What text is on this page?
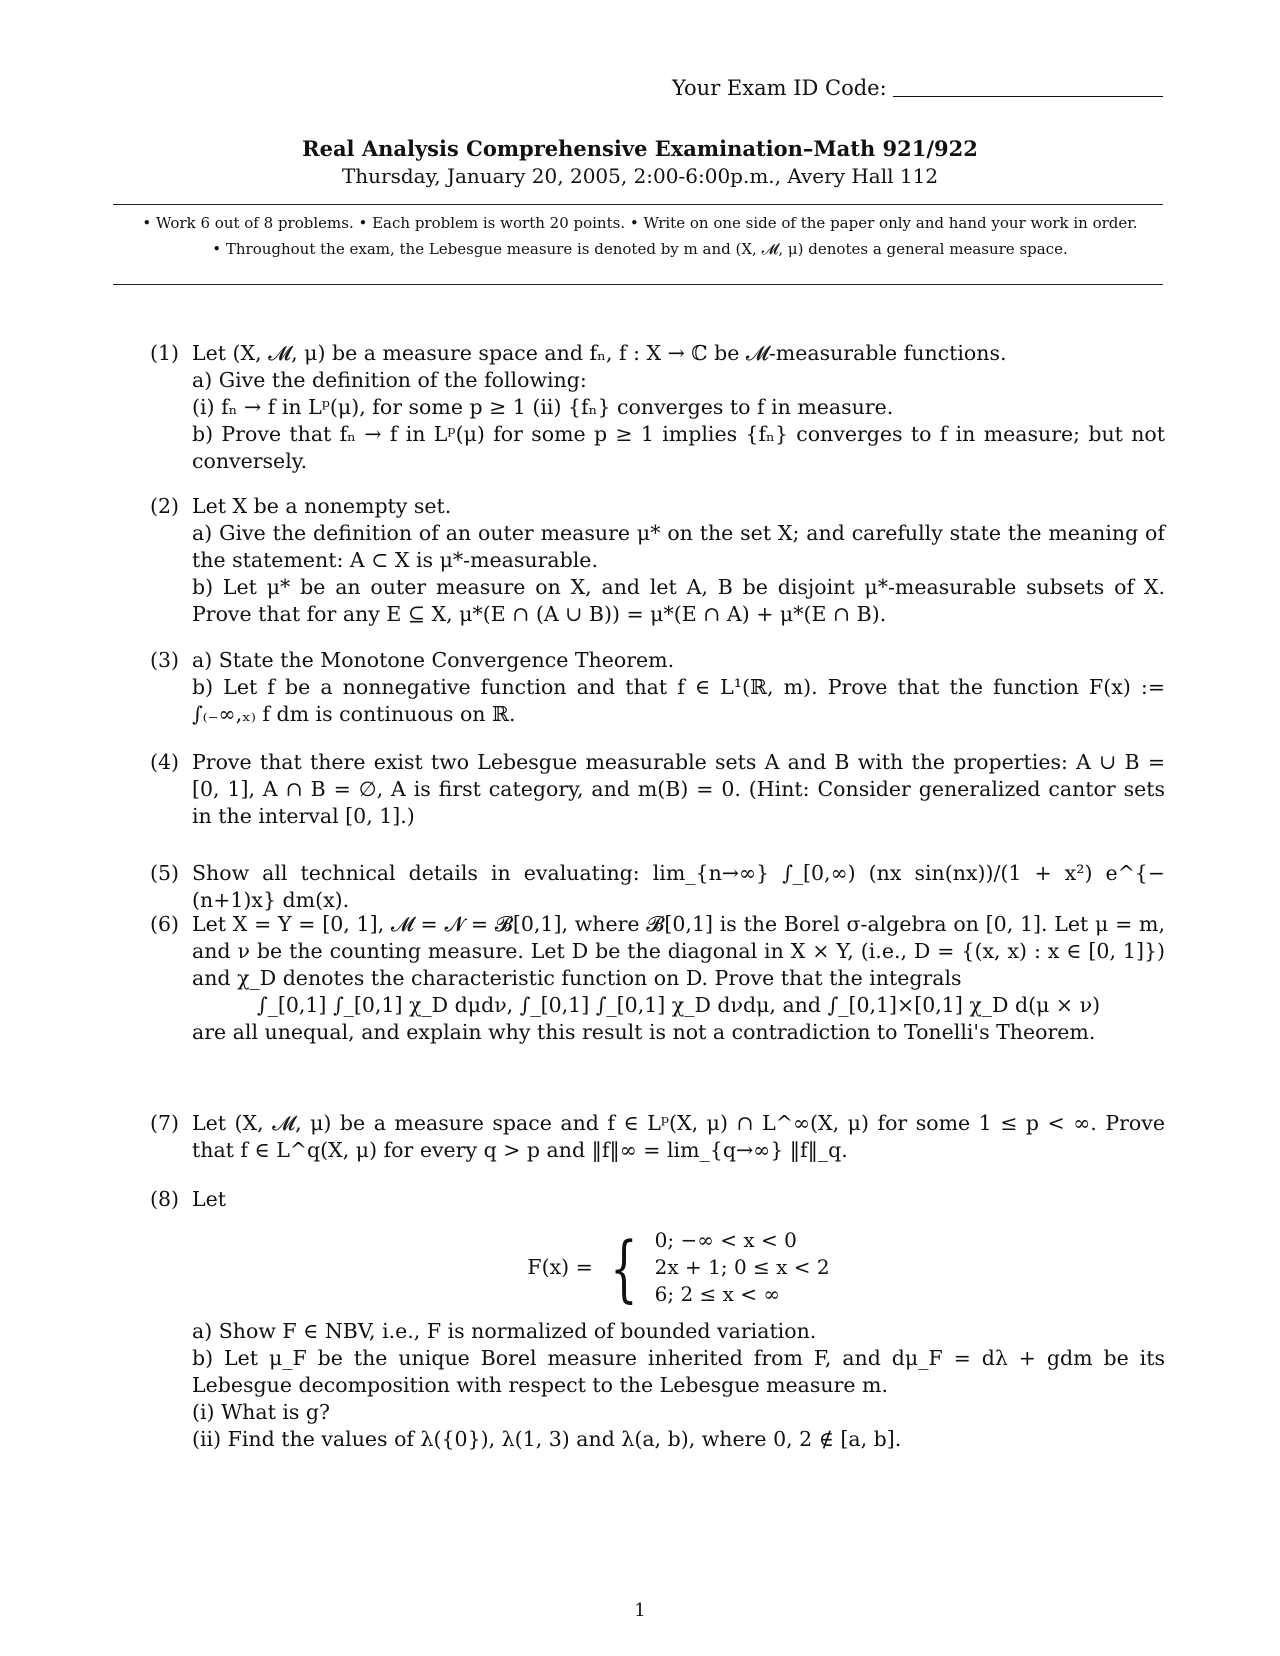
Your Exam ID Code:
Real Analysis Comprehensive Examination–Math 921/922
Thursday, January 20, 2005, 2:00-6:00p.m., Avery Hall 112
• Work 6 out of 8 problems. • Each problem is worth 20 points. • Write on one side of the paper only and hand your work in order.
• Throughout the exam, the Lebesgue measure is denoted by m and (X, 𝓜, μ) denotes a general measure space.
(1) Let (X, 𝓜, μ) be a measure space and fₙ, f : X → ℂ be 𝓜-measurable functions.

a) Give the definition of the following:

(i) fₙ → f in Lᵖ(μ), for some p ≥ 1 (ii) {fₙ} converges to f in measure.

b) Prove that fₙ → f in Lᵖ(μ) for some p ≥ 1 implies {fₙ} converges to f in measure; but not conversely.

(2) Let X be a nonempty set.

a) Give the definition of an outer measure μ* on the set X; and carefully state the meaning of the statement: A ⊂ X is μ*-measurable.

b) Let μ* be an outer measure on X, and let A, B be disjoint μ*-measurable subsets of X. Prove that for any E ⊆ X, μ*(E ∩ (A ∪ B)) = μ*(E ∩ A) + μ*(E ∩ B).

(3) a) State the Monotone Convergence Theorem.

b) Let f be a nonnegative function and that f ∈ L¹(ℝ, m). Prove that the function F(x) := ∫₍₋∞,ₓ₎ f dm is continuous on ℝ.

(4) Prove that there exist two Lebesgue measurable sets A and B with the properties: A ∪ B = [0, 1], A ∩ B = ∅, A is first category, and m(B) = 0. (Hint: Consider generalized cantor sets in the interval [0, 1].)

(5) Show all technical details in evaluating: lim_{n→∞} ∫_[0,∞) (nx sin(nx))/(1 + x²) e^{−(n+1)x} dm(x).

(6) Let X = Y = [0, 1], 𝓜 = 𝓝 = 𝓑[0,1], where 𝓑[0,1] is the Borel σ-algebra on [0, 1]. Let μ = m, and ν be the counting measure. Let D be the diagonal in X × Y, (i.e., D = {(x, x) : x ∈ [0, 1]}) and χ_D denotes the characteristic function on D. Prove that the integrals

∫_[0,1] ∫_[0,1] χ_D dμdν, ∫_[0,1] ∫_[0,1] χ_D dνdμ, and ∫_[0,1]×[0,1] χ_D d(μ × ν)

are all unequal, and explain why this result is not a contradiction to Tonelli's Theorem.

(7) Let (X, 𝓜, μ) be a measure space and f ∈ Lᵖ(X, μ) ∩ L^∞(X, μ) for some 1 ≤ p < ∞. Prove that f ∈ L^q(X, μ) for every q > p and ‖f‖∞ = lim_{q→∞} ‖f‖_q.

(8) Let

F(x) = { 0; −∞ < x < 0
2x + 1; 0 ≤ x < 2
6; 2 ≤ x < ∞

a) Show F ∈ NBV, i.e., F is normalized of bounded variation.

b) Let μ_F be the unique Borel measure inherited from F, and dμ_F = dλ + gdm be its Lebesgue decomposition with respect to the Lebesgue measure m.

(i) What is g?

(ii) Find the values of λ({0}), λ(1, 3) and λ(a, b), where 0, 2 ∉ [a, b].

1
